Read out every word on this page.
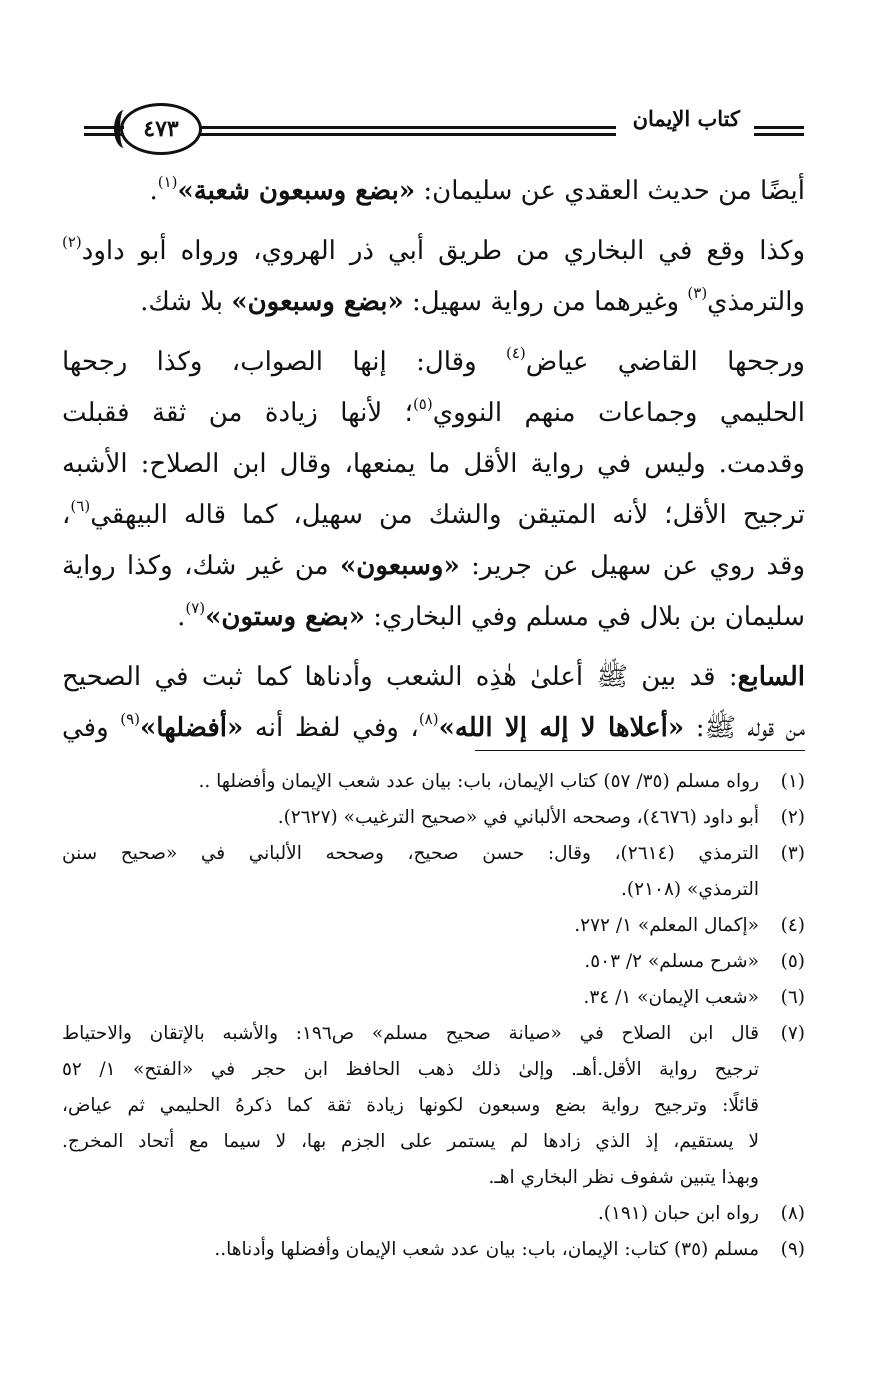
كتاب الإيمان
٤٧٣
أيضًا من حديث العقدي عن سليمان: «بضع وسبعون شعبة»$^{(١)}$.
وكذا وقع في البخاري من طريق أبي ذر الهروي، ورواه أبو داود$^{(٢)}$
والترمذي$^{(٣)}$ وغيرهما من رواية سهيل: «بضع وسبعون» بلا شك.
ورجحها القاضي عياض$^{(٤)}$ وقال: إنها الصواب، وكذا رجحها
الحليمي وجماعات منهم النووي$^{(٥)}$؛ لأنها زيادة من ثقة فقبلت
وقدمت. وليس في رواية الأقل ما يمنعها، وقال ابن الصلاح: الأشبه
ترجيح الأقل؛ لأنه المتيقن والشك من سهيل، كما قاله البيهقي$^{(٦)}$،
وقد روي عن سهيل عن جرير: «وسبعون» من غير شك، وكذا رواية
سليمان بن بلال في مسلم وفي البخاري: «بضع وستون»$^{(٧)}$.
السابع: قد بين ﷺ أعلىٰ هٰذِه الشعب وأدناها كما ثبت في الصحيح
من قوله ﷺ: «أعلاها لا إله إلا الله»$^{(٨)}$، وفي لفظ أنه «أفضلها»$^{(٩)}$ وفي
(١)
رواه مسلم (٣٥/ ٥٧) كتاب الإيمان، باب: بيان عدد شعب الإيمان وأفضلها ..
(٢)
أبو داود (٤٦٧٦)، وصححه الألباني في «صحيح الترغيب» (٢٦٢٧).
(٣)
الترمذي (٢٦١٤)، وقال: حسن صحيح، وصححه الألباني في «صحيح سنن
الترمذي» (٢١٠٨).
(٤)
«إكمال المعلم» ١/ ٢٧٢.
(٥)
«شرح مسلم» ٢/ ٥٠٣.
(٦)
«شعب الإيمان» ١/ ٣٤.
(٧)
قال ابن الصلاح في «صيانة صحيح مسلم» ص١٩٦: والأشبه بالإتقان والاحتياط
ترجيح رواية الأقل.أهـ. وإلىٰ ذلك ذهب الحافظ ابن حجر في «الفتح» ١/ ٥٢
قائلًا: وترجيح رواية بضع وسبعون لكونها زيادة ثقة كما ذكرهُ الحليمي ثم عياض،
لا يستقيم، إذ الذي زادها لم يستمر على الجزم بها، لا سيما مع أتحاد المخرج.
وبهذا يتبين شفوف نظر البخاري اهـ.
(٨)
رواه ابن حبان (١٩١).
(٩)
مسلم (٣٥) كتاب: الإيمان، باب: بيان عدد شعب الإيمان وأفضلها وأدناها..
